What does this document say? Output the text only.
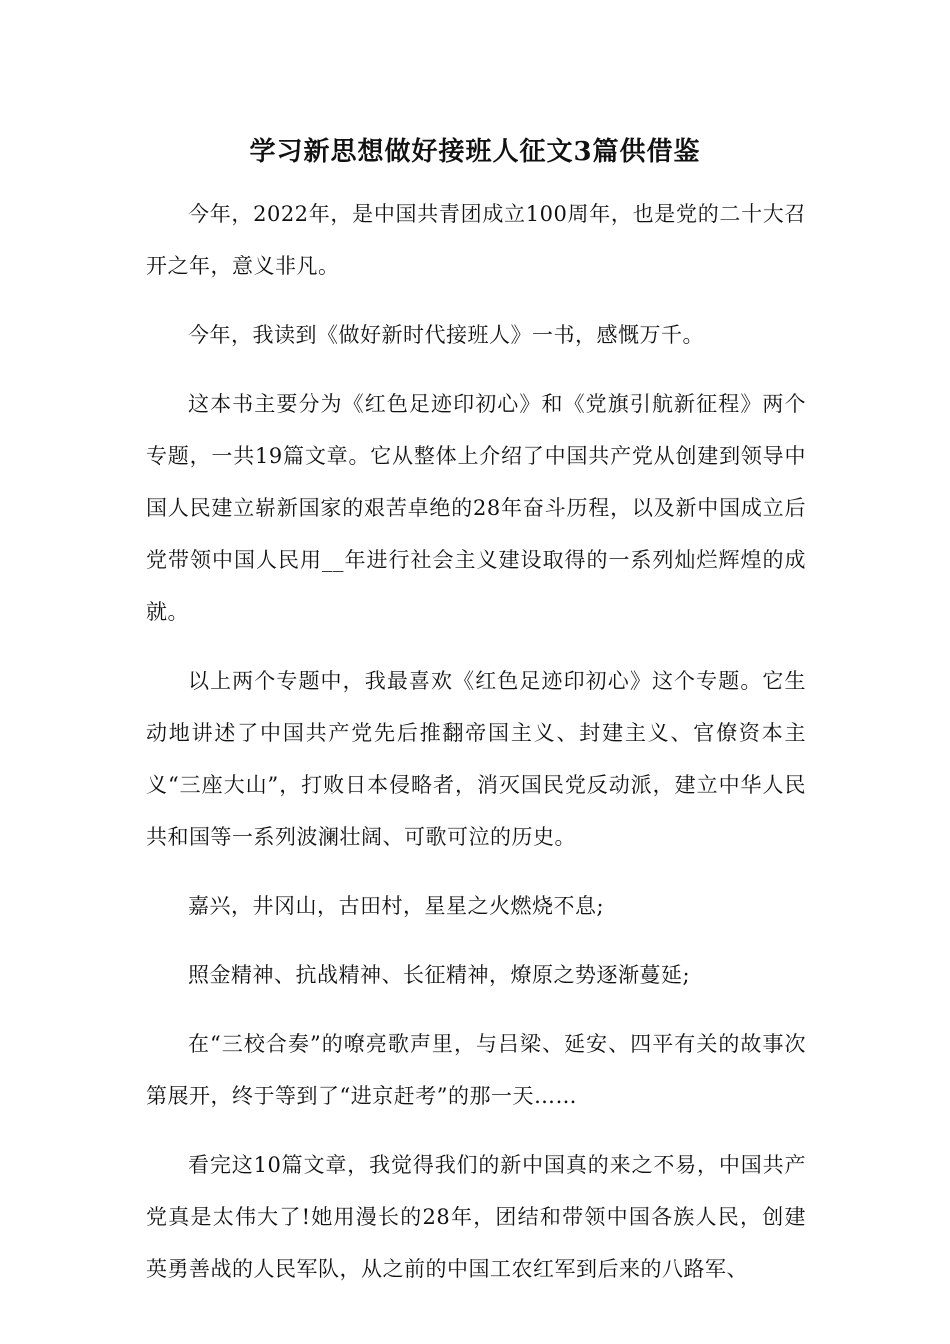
学习新思想做好接班人征文3篇供借鉴

今年，2022年，是中国共青团成立100周年，也是党的二十大召开之年，意义非凡。

今年，我读到《做好新时代接班人》一书，感慨万千。

这本书主要分为《红色足迹印初心》和《党旗引航新征程》两个专题，一共19篇文章。它从整体上介绍了中国共产党从创建到领导中国人民建立崭新国家的艰苦卓绝的28年奋斗历程，以及新中国成立后党带领中国人民用__年进行社会主义建设取得的一系列灿烂辉煌的成就。

以上两个专题中，我最喜欢《红色足迹印初心》这个专题。它生动地讲述了中国共产党先后推翻帝国主义、封建主义、官僚资本主义“三座大山”，打败日本侵略者，消灭国民党反动派，建立中华人民共和国等一系列波澜壮阔、可歌可泣的历史。

嘉兴，井冈山，古田村，星星之火燃烧不息;

照金精神、抗战精神、长征精神，燎原之势逐渐蔓延;

在“三校合奏”的嘹亮歌声里，与吕梁、延安、四平有关的故事次第展开，终于等到了“进京赶考”的那一天……

看完这10篇文章，我觉得我们的新中国真的来之不易，中国共产党真是太伟大了!她用漫长的28年，团结和带领中国各族人民，创建英勇善战的人民军队，从之前的中国工农红军到后来的八路军、
